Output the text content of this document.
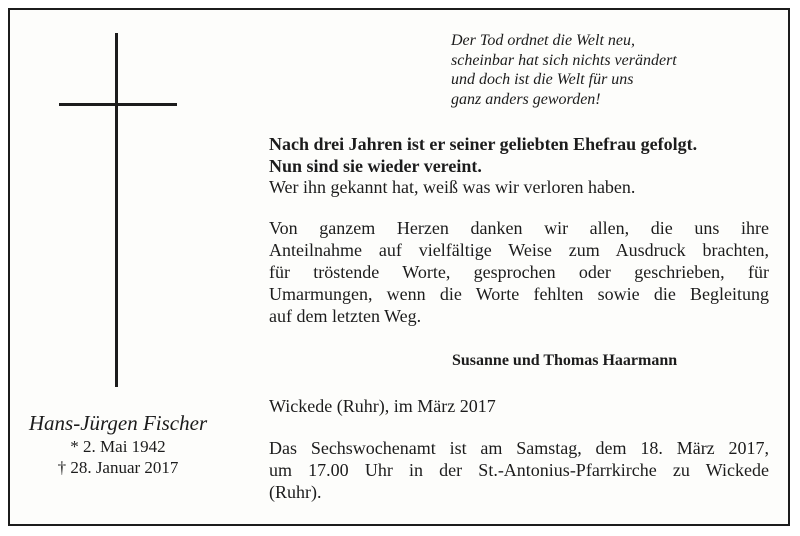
Der Tod ordnet die Welt neu,
scheinbar hat sich nichts verändert
und doch ist die Welt für uns
ganz anders geworden!
Nach drei Jahren ist er seiner geliebten Ehefrau gefolgt.
Nun sind sie wieder vereint.
Wer ihn gekannt hat, weiß was wir verloren haben.
Von ganzem Herzen danken wir allen, die uns ihre
Anteilnahme auf vielfältige Weise zum Ausdruck brachten,
für tröstende Worte, gesprochen oder geschrieben, für
Umarmungen, wenn die Worte fehlten sowie die Begleitung
auf dem letzten Weg.
Susanne und Thomas Haarmann
Wickede (Ruhr), im März 2017
Das Sechswochenamt ist am Samstag, dem 18. März 2017,
um 17.00 Uhr in der St.-Antonius-Pfarrkirche zu Wickede
(Ruhr).
Hans-Jürgen Fischer
* 2. Mai 1942
† 28. Januar 2017
